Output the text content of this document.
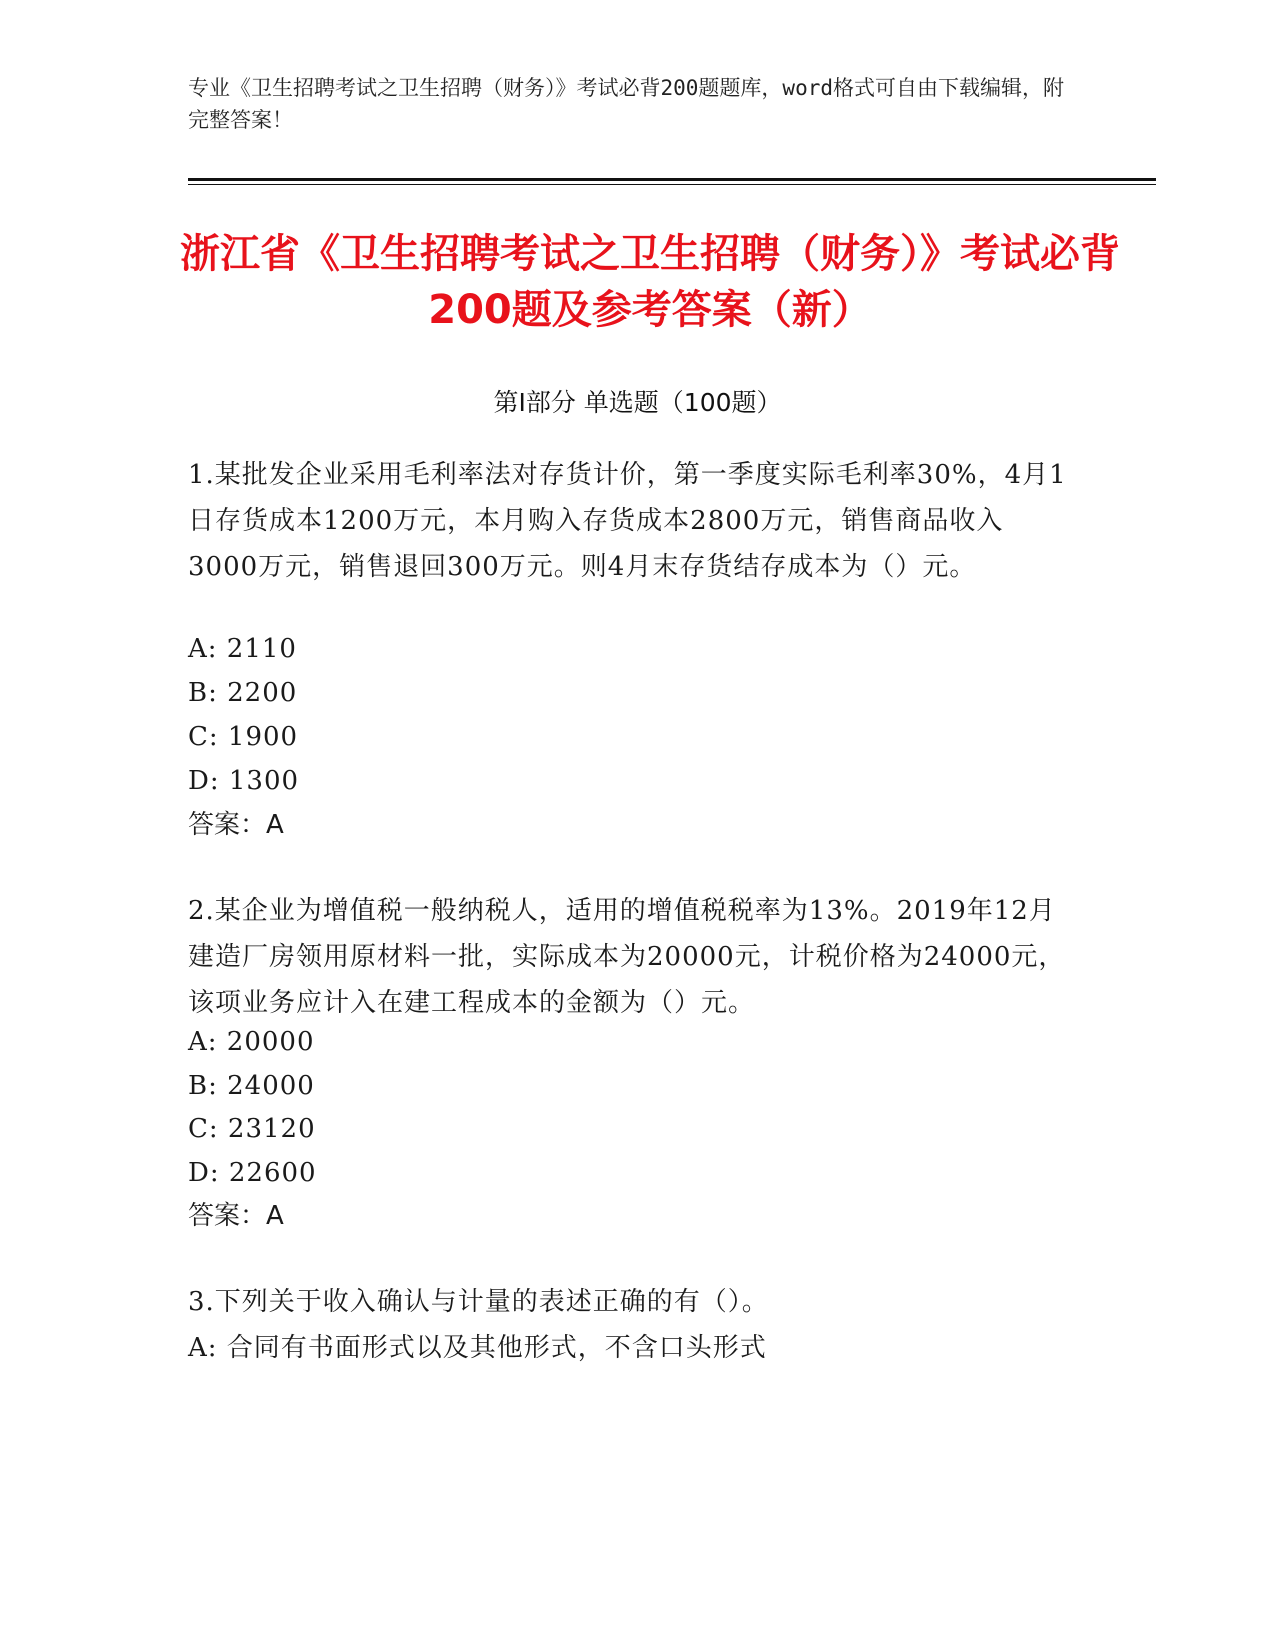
专业《卫生招聘考试之卫生招聘（财务）》考试必背200题题库，word格式可自由下载编辑，附完整答案！
浙江省《卫生招聘考试之卫生招聘（财务）》考试必背200题及参考答案（新）
第I部分 单选题（100题）
1.某批发企业采用毛利率法对存货计价，第一季度实际毛利率30%，4月1日存货成本1200万元，本月购入存货成本2800万元，销售商品收入3000万元，销售退回300万元。则4月末存货结存成本为（）元。
A: 2110
B: 2200
C: 1900
D: 1300
答案：A
2.某企业为增值税一般纳税人，适用的增值税税率为13%。2019年12月建造厂房领用原材料一批，实际成本为20000元，计税价格为24000元，该项业务应计入在建工程成本的金额为（）元。
A: 20000
B: 24000
C: 23120
D: 22600
答案：A
3.下列关于收入确认与计量的表述正确的有（）。
A: 合同有书面形式以及其他形式，不含口头形式
